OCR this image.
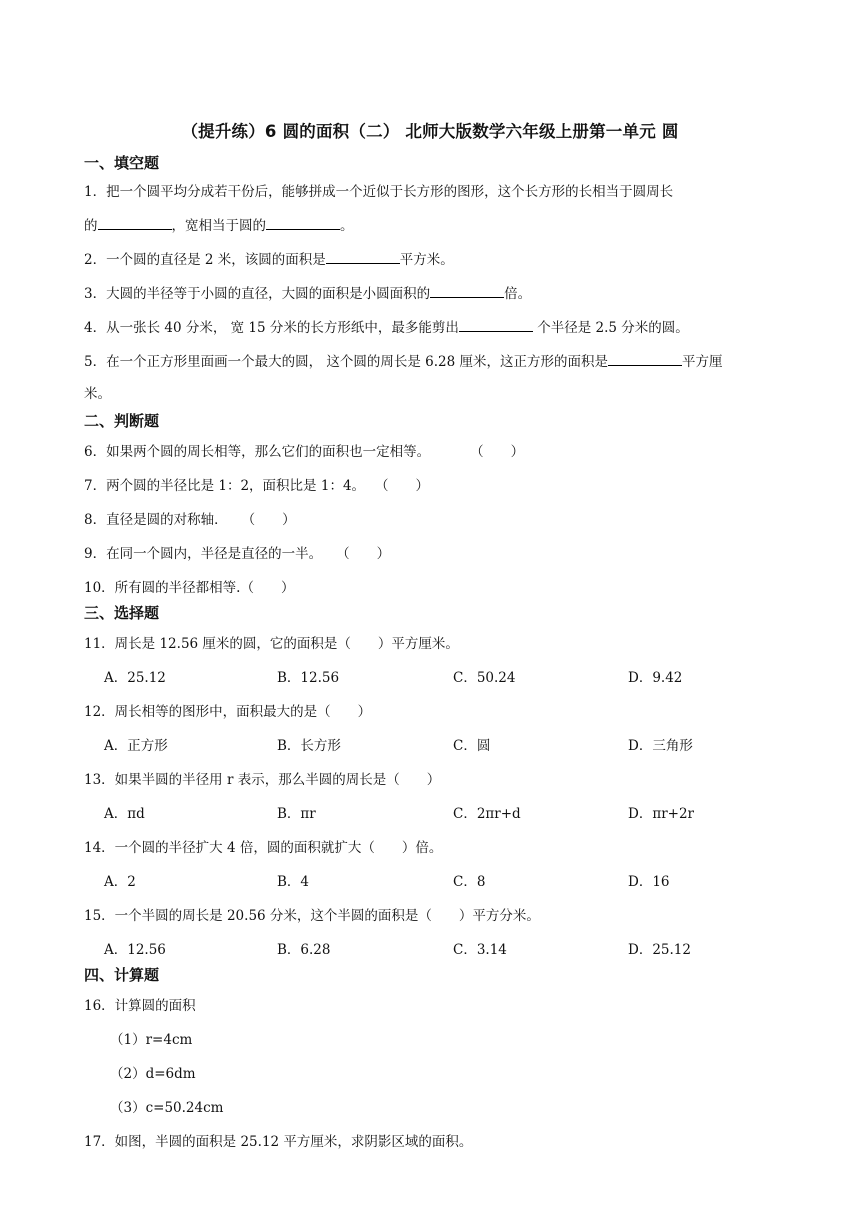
（提升练）6 圆的面积（二） 北师大版数学六年级上册第一单元 圆
一、填空题
1．把一个圆平均分成若干份后，能够拼成一个近似于长方形的图形，这个长方形的长相当于圆周长
的	，宽相当于圆的	。
2．一个圆的直径是 2 米，该圆的面积是	平方米。
3．大圆的半径等于小圆的直径，大圆的面积是小圆面积的	倍。
4．从一张长 40 分米， 宽 15 分米的长方形纸中，最多能剪出	个半径是 2.5 分米的圆。
5．在一个正方形里面画一个最大的圆， 这个圆的周长是 6.28 厘米，这正方形的面积是	平方厘
米。
二、判断题
6．如果两个圆的周长相等，那么它们的面积也一定相等。	（　　）
7．两个圆的半径比是 1：2，面积比是 1：4。 （　　）
8．直径是圆的对称轴． （　　）
9．在同一个圆内，半径是直径的一半。 （　　）
10．所有圆的半径都相等.（　　）
三、选择题
11．周长是 12.56 厘米的圆，它的面积是（　　）平方厘米。
A．25.12	B．12.56	C．50.24	D．9.42
12．周长相等的图形中，面积最大的是（　　）
A．正方形	B．长方形	C．圆	D．三角形
13．如果半圆的半径用 r 表示，那么半圆的周长是（　　）
A．πd	B．πr	C．2πr+d	D．πr+2r
14．一个圆的半径扩大 4 倍，圆的面积就扩大（　　）倍。
A．2	B．4	C．8	D．16
15．一个半圆的周长是 20.56 分米，这个半圆的面积是（　　）平方分米。
A．12.56	B．6.28	C．3.14	D．25.12
四、计算题
16．计算圆的面积
（1）r=4cm
（2）d=6dm
（3）c=50.24cm
17．如图，半圆的面积是 25.12 平方厘米，求阴影区域的面积。
